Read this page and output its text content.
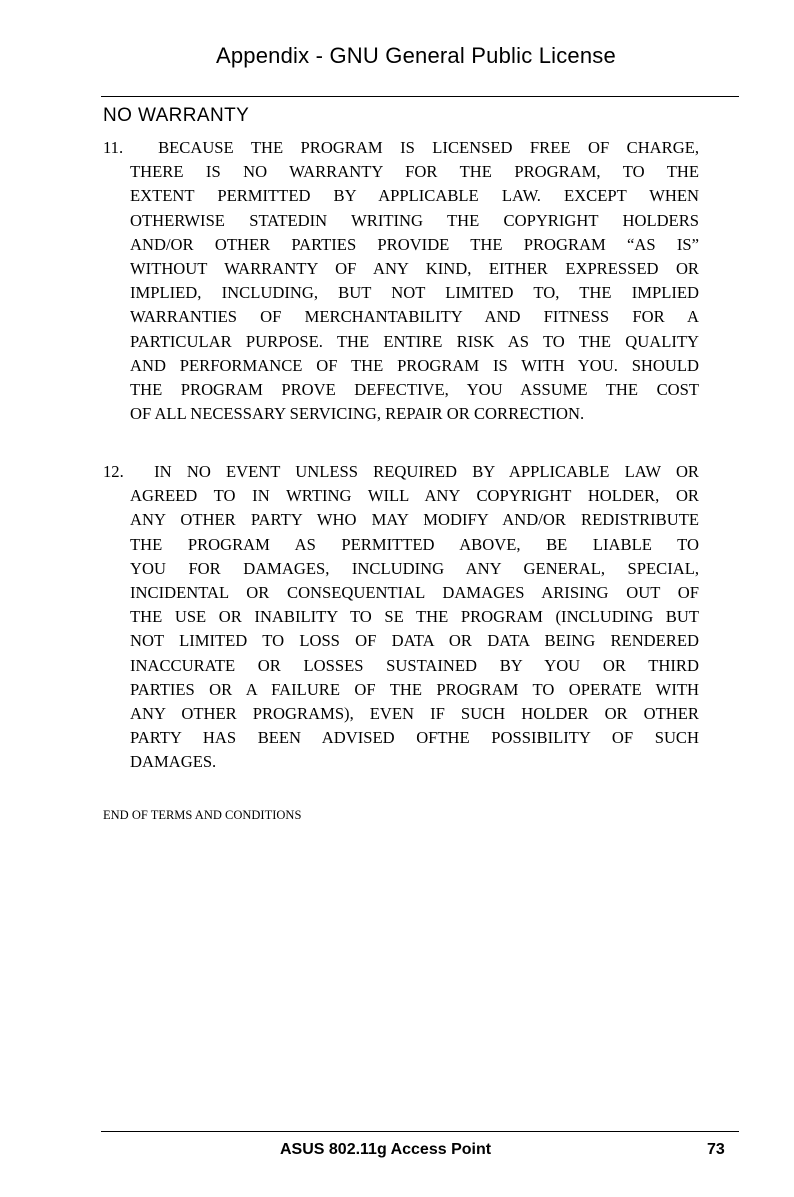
Appendix - GNU General Public License
NO WARRANTY
11. BECAUSE THE PROGRAM IS LICENSED FREE OF CHARGE,
THERE IS NO WARRANTY FOR THE PROGRAM, TO THE
EXTENT PERMITTED BY APPLICABLE LAW. EXCEPT WHEN
OTHERWISE STATEDIN WRITING THE COPYRIGHT HOLDERS
AND/OR OTHER PARTIES PROVIDE THE PROGRAM “AS IS”
WITHOUT WARRANTY OF ANY KIND, EITHER EXPRESSED OR
IMPLIED, INCLUDING, BUT NOT LIMITED TO, THE IMPLIED
WARRANTIES OF MERCHANTABILITY AND FITNESS FOR A
PARTICULAR PURPOSE. THE ENTIRE RISK AS TO THE QUALITY
AND PERFORMANCE OF THE PROGRAM IS WITH YOU. SHOULD
THE PROGRAM PROVE DEFECTIVE, YOU ASSUME THE COST
OF ALL NECESSARY SERVICING, REPAIR OR CORRECTION.
12. IN NO EVENT UNLESS REQUIRED BY APPLICABLE LAW OR
AGREED TO IN WRTING WILL ANY COPYRIGHT HOLDER, OR
ANY OTHER PARTY WHO MAY MODIFY AND/OR REDISTRIBUTE
THE PROGRAM AS PERMITTED ABOVE, BE LIABLE TO
YOU FOR DAMAGES, INCLUDING ANY GENERAL, SPECIAL,
INCIDENTAL OR CONSEQUENTIAL DAMAGES ARISING OUT OF
THE USE OR INABILITY TO SE THE PROGRAM (INCLUDING BUT
NOT LIMITED TO LOSS OF DATA OR DATA BEING RENDERED
INACCURATE OR LOSSES SUSTAINED BY YOU OR THIRD
PARTIES OR A FAILURE OF THE PROGRAM TO OPERATE WITH
ANY OTHER PROGRAMS), EVEN IF SUCH HOLDER OR OTHER
PARTY HAS BEEN ADVISED OFTHE POSSIBILITY OF SUCH
DAMAGES.
END OF TERMS AND CONDITIONS
ASUS 802.11g Access Point	73
